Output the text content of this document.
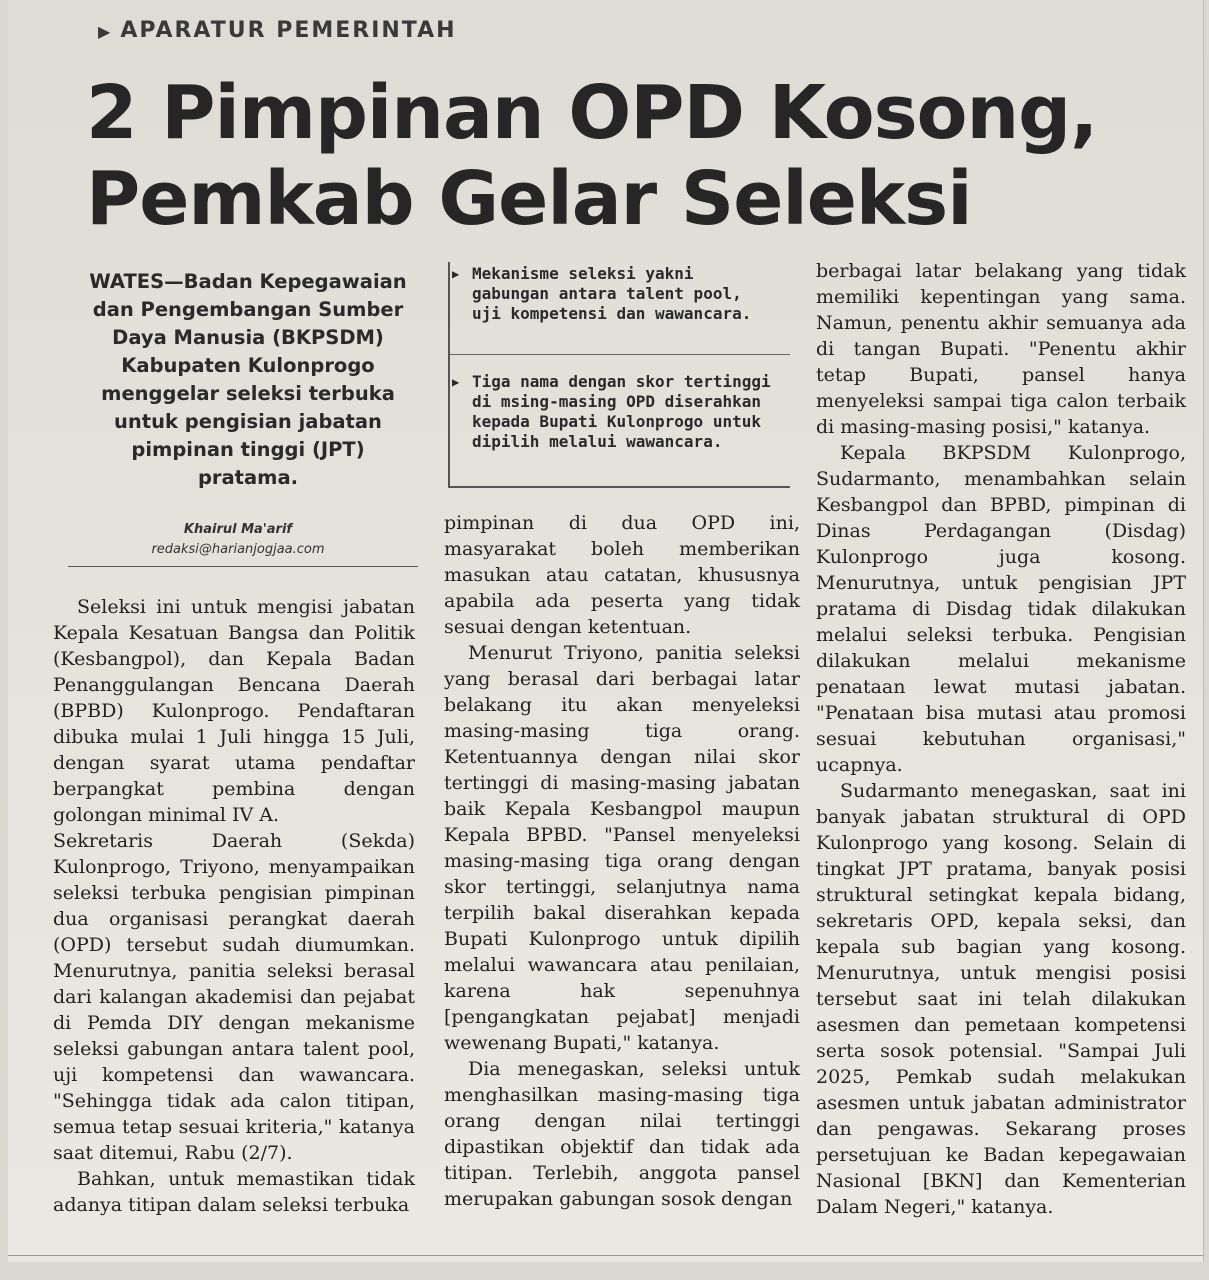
▶ APARATUR PEMERINTAH
2 Pimpinan OPD Kosong,
Pemkab Gelar Seleksi
WATES—Badan Kepegawaian dan Pengembangan Sumber Daya Manusia (BKPSDM) Kabupaten Kulonprogo menggelar seleksi terbuka untuk pengisian jabatan pimpinan tinggi (JPT) pratama.
Khairul Ma'arif
redaksi@harianjogjaa.com
▶ Mekanisme seleksi yakni gabungan antara talent pool, uji kompetensi dan wawancara.
▶ Tiga nama dengan skor tertinggi di msing-masing OPD diserahkan kepada Bupati Kulonprogo untuk dipilih melalui wawancara.

Seleksi ini untuk mengisi jabatan Kepala Kesatuan Bangsa dan Politik (Kesbangpol), dan Kepala Badan Penanggulangan Bencana Daerah (BPBD) Kulonprogo. Pendaftaran dibuka mulai 1 Juli hingga 15 Juli, dengan syarat utama pendaftar berpangkat pembina dengan golongan minimal IV A.

Sekretaris Daerah (Sekda) Kulonprogo, Triyono, menyampaikan seleksi terbuka pengisian pimpinan dua organisasi perangkat daerah (OPD) tersebut sudah diumumkan. Menurutnya, panitia seleksi berasal dari kalangan akademisi dan pejabat di Pemda DIY dengan mekanisme seleksi gabungan antara talent pool, uji kompetensi dan wawancara. "Sehingga tidak ada calon titipan, semua tetap sesuai kriteria," katanya saat ditemui, Rabu (2/7).

Bahkan, untuk memastikan tidak adanya titipan dalam seleksi terbuka

pimpinan di dua OPD ini, masyarakat boleh memberikan masukan atau catatan, khususnya apabila ada peserta yang tidak sesuai dengan ketentuan.

Menurut Triyono, panitia seleksi yang berasal dari berbagai latar belakang itu akan menyeleksi masing-masing tiga orang. Ketentuannya dengan nilai skor tertinggi di masing-masing jabatan baik Kepala Kesbangpol maupun Kepala BPBD. "Pansel menyeleksi masing-masing tiga orang dengan skor tertinggi, selanjutnya nama terpilih bakal diserahkan kepada Bupati Kulonprogo untuk dipilih melalui wawancara atau penilaian, karena hak sepenuhnya [pengangkatan pejabat] menjadi wewenang Bupati," katanya.

Dia menegaskan, seleksi untuk menghasilkan masing-masing tiga orang dengan nilai tertinggi dipastikan objektif dan tidak ada titipan. Terlebih, anggota pansel merupakan gabungan sosok dengan

berbagai latar belakang yang tidak memiliki kepentingan yang sama. Namun, penentu akhir semuanya ada di tangan Bupati. "Penentu akhir tetap Bupati, pansel hanya menyeleksi sampai tiga calon terbaik di masing-masing posisi," katanya.

Kepala BKPSDM Kulonprogo, Sudarmanto, menambahkan selain Kesbangpol dan BPBD, pimpinan di Dinas Perdagangan (Disdag) Kulonprogo juga kosong. Menurutnya, untuk pengisian JPT pratama di Disdag tidak dilakukan melalui seleksi terbuka. Pengisian dilakukan melalui mekanisme penataan lewat mutasi jabatan. "Penataan bisa mutasi atau promosi sesuai kebutuhan organisasi," ucapnya.

Sudarmanto menegaskan, saat ini banyak jabatan struktural di OPD Kulonprogo yang kosong. Selain di tingkat JPT pratama, banyak posisi struktural setingkat kepala bidang, sekretaris OPD, kepala seksi, dan kepala sub bagian yang kosong. Menurutnya, untuk mengisi posisi tersebut saat ini telah dilakukan asesmen dan pemetaan kompetensi serta sosok potensial. "Sampai Juli 2025, Pemkab sudah melakukan asesmen untuk jabatan administrator dan pengawas. Sekarang proses persetujuan ke Badan kepegawaian Nasional [BKN] dan Kementerian Dalam Negeri," katanya.
